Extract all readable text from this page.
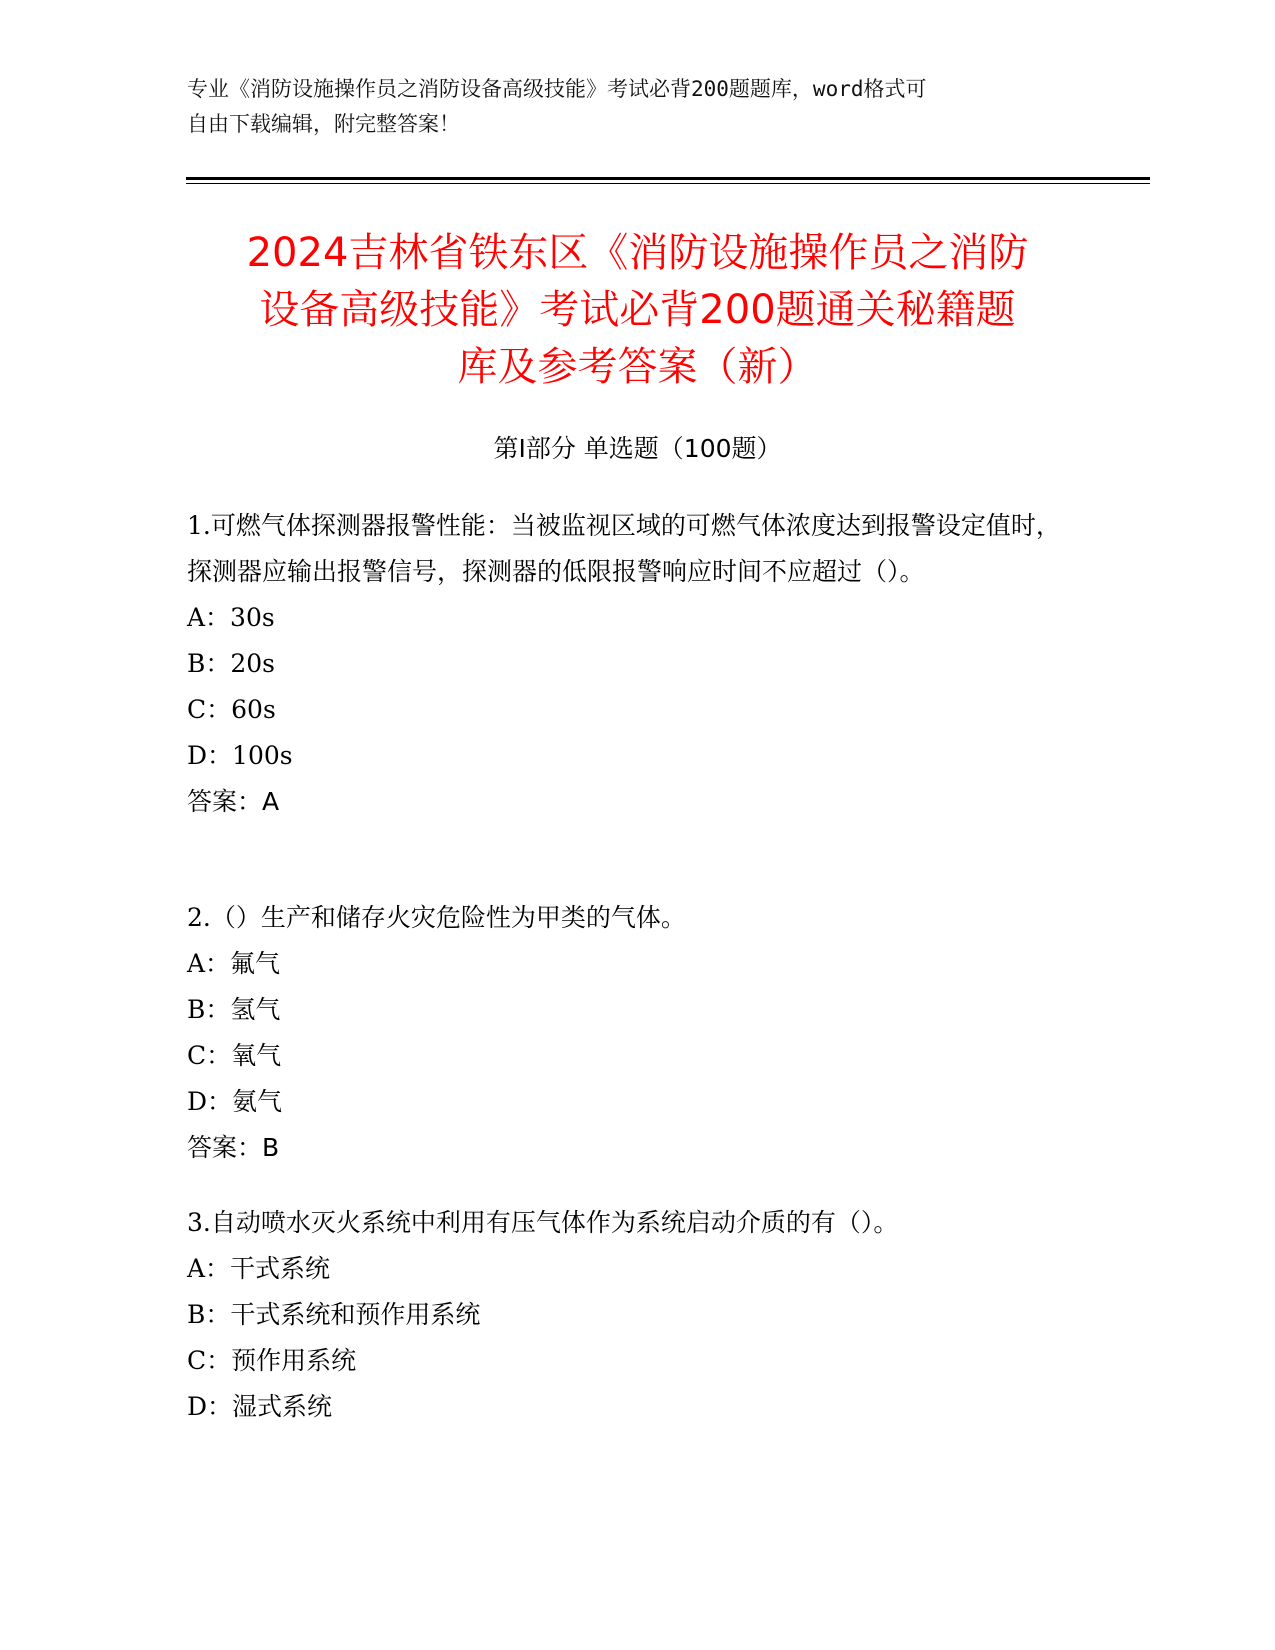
专业《消防设施操作员之消防设备高级技能》考试必背200题题库，word格式可
自由下载编辑，附完整答案！
2024吉林省铁东区《消防设施操作员之消防
设备高级技能》考试必背200题通关秘籍题
库及参考答案（新）
第Ⅰ部分 单选题（100题）

1.可燃气体探测器报警性能：当被监视区域的可燃气体浓度达到报警设定值时，探测器应输出报警信号，探测器的低限报警响应时间不应超过（）。

A：30s

B：20s

C：60s

D：100s

答案：A

2.（）生产和储存火灾危险性为甲类的气体。

A：氟气

B：氢气

C：氧气

D：氨气

答案：B

3.自动喷水灭火系统中利用有压气体作为系统启动介质的有（）。

A：干式系统

B：干式系统和预作用系统

C：预作用系统

D：湿式系统
